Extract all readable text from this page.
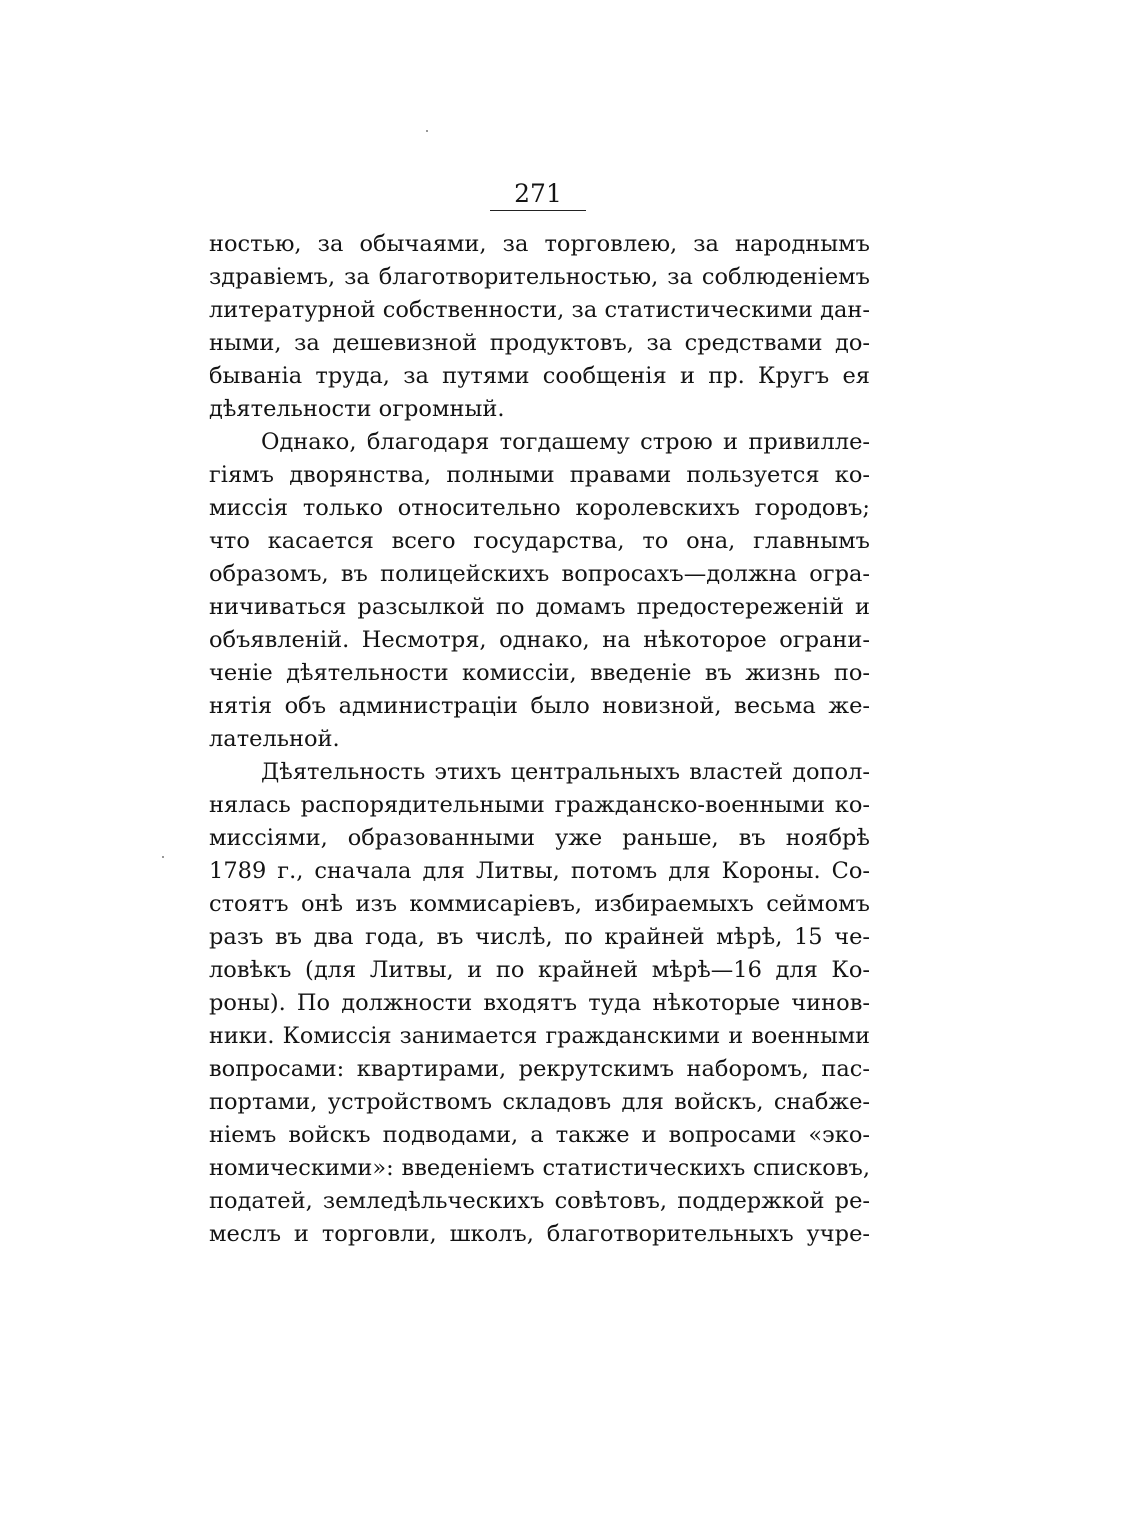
271
ностью, за обычаями, за торговлею, за народнымъ
здравіемъ, за благотворительностью, за соблюденіемъ
литературной собственности, за статистическими дан-
ными, за дешевизной продуктовъ, за средствами до-
бываніа труда, за путями сообщенія и пр. Кругъ ея
дѣятельности огромный.
Однако, благодаря тогдашему строю и привилле-
гіямъ дворянства, полными правами пользуется ко-
миссія только относительно королевскихъ городовъ;
что касается всего государства, то она, главнымъ
образомъ, въ полицейскихъ вопросахъ—должна огра-
ничиваться разсылкой по домамъ предостереженій и
объявленій. Несмотря, однако, на нѣкоторое ограни-
ченіе дѣятельности комиссіи, введеніе въ жизнь по-
нятія объ администраціи было новизной, весьма же-
лательной.
Дѣятельность этихъ центральныхъ властей допол-
нялась распорядительными гражданско-военными ко-
миссіями, образованными уже раньше, въ ноябрѣ
1789 г., сначала для Литвы, потомъ для Короны. Со-
стоятъ онѣ изъ коммисаріевъ, избираемыхъ сеймомъ
разъ въ два года, въ числѣ, по крайней мѣрѣ, 15 че-
ловѣкъ (для Литвы, и по крайней мѣрѣ—16 для Ко-
роны). По должности входятъ туда нѣкоторые чинов-
ники. Комиссія занимается гражданскими и военными
вопросами: квартирами, рекрутскимъ наборомъ, пас-
портами, устройствомъ складовъ для войскъ, снабже-
ніемъ войскъ подводами, а также и вопросами «эко-
номическими»: введеніемъ статистическихъ списковъ,
податей, земледѣльческихъ совѣтовъ, поддержкой ре-
меслъ и торговли, школъ, благотворительныхъ учре-
